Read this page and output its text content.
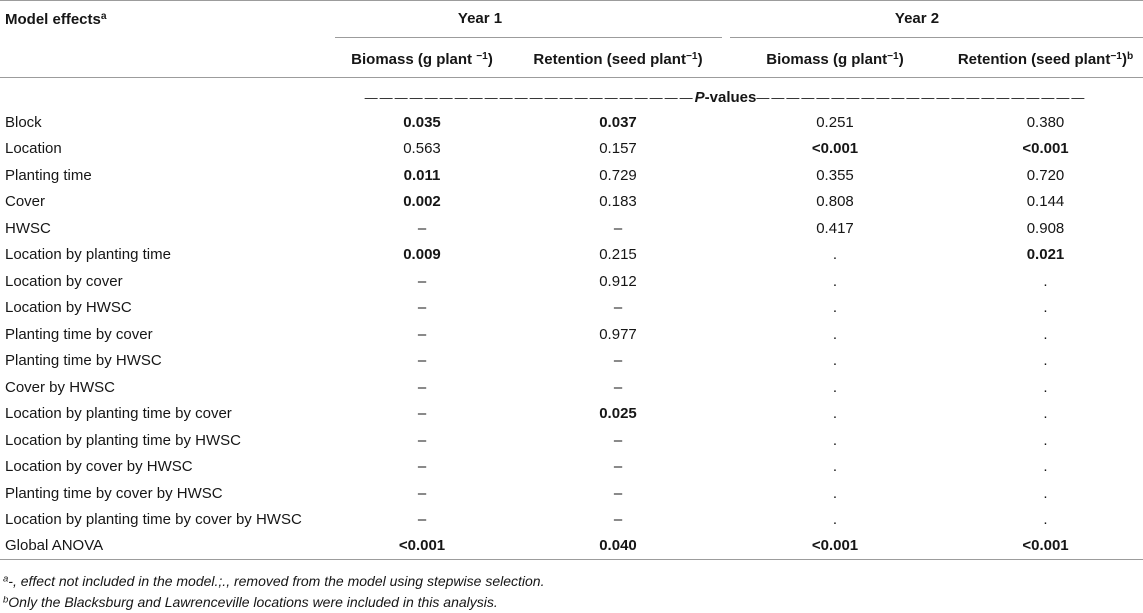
Model effects$^a$	Year 1		Year 2	

	Biomass (g plant $^{-1}$)	Retention (seed plant$^{-1}$)	Biomass (g plant$^{-1}$)	Retention (seed plant$^{-1}$)$^b$
	——————————————————————P-values——————————————————————			
Block	0.035	0.037	0.251	0.380
Location	0.563	0.157	<0.001	<0.001
Planting time	0.011	0.729	0.355	0.720
Cover	0.002	0.183	0.808	0.144
HWSC	–	–	0.417	0.908
Location by planting time	0.009	0.215	.	0.021
Location by cover	–	0.912	.	.
Location by HWSC	–	–	.	.
Planting time by cover	–	0.977	.	.
Planting time by HWSC	–	–	.	.
Cover by HWSC	–	–	.	.
Location by planting time by cover	–	0.025	.	.
Location by planting time by HWSC	–	–	.	.
Location by cover by HWSC	–	–	.	.
Planting time by cover by HWSC	–	–	.	.
Location by planting time by cover by HWSC	–	–	.	.
Global ANOVA	<0.001	0.040	<0.001	<0.001
$^a$-, effect not included in the model.;., removed from the model using stepwise selection.
$^b$Only the Blacksburg and Lawrenceville locations were included in this analysis.
